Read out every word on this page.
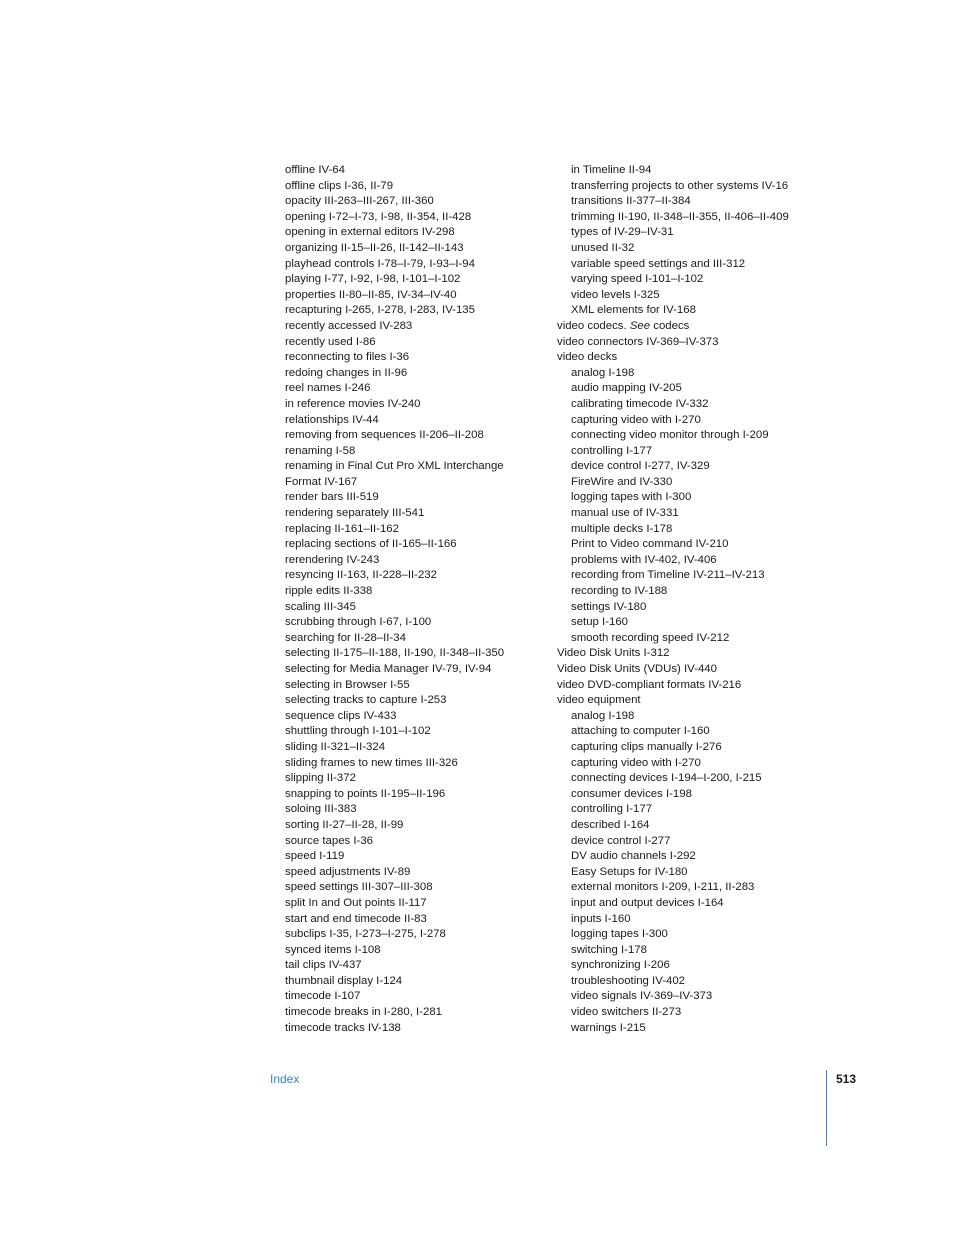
offline IV-64
offline clips I-36, II-79
opacity III-263–III-267, III-360
opening I-72–I-73, I-98, II-354, II-428
opening in external editors IV-298
organizing II-15–II-26, II-142–II-143
playhead controls I-78–I-79, I-93–I-94
playing I-77, I-92, I-98, I-101–I-102
properties II-80–II-85, IV-34–IV-40
recapturing I-265, I-278, I-283, IV-135
recently accessed IV-283
recently used I-86
reconnecting to files I-36
redoing changes in II-96
reel names I-246
in reference movies IV-240
relationships IV-44
removing from sequences II-206–II-208
renaming I-58
renaming in Final Cut Pro XML Interchange
Format IV-167
render bars III-519
rendering separately III-541
replacing II-161–II-162
replacing sections of II-165–II-166
rerendering IV-243
resyncing II-163, II-228–II-232
ripple edits II-338
scaling III-345
scrubbing through I-67, I-100
searching for II-28–II-34
selecting II-175–II-188, II-190, II-348–II-350
selecting for Media Manager IV-79, IV-94
selecting in Browser I-55
selecting tracks to capture I-253
sequence clips IV-433
shuttling through I-101–I-102
sliding II-321–II-324
sliding frames to new times III-326
slipping II-372
snapping to points II-195–II-196
soloing III-383
sorting II-27–II-28, II-99
source tapes I-36
speed I-119
speed adjustments IV-89
speed settings III-307–III-308
split In and Out points II-117
start and end timecode II-83
subclips I-35, I-273–I-275, I-278
synced items I-108
tail clips IV-437
thumbnail display I-124
timecode I-107
timecode breaks in I-280, I-281
timecode tracks IV-138
in Timeline II-94
transferring projects to other systems IV-16
transitions II-377–II-384
trimming II-190, II-348–II-355, II-406–II-409
types of IV-29–IV-31
unused II-32
variable speed settings and III-312
varying speed I-101–I-102
video levels I-325
XML elements for IV-168
video codecs. See codecs
video connectors IV-369–IV-373
video decks
analog I-198
audio mapping IV-205
calibrating timecode IV-332
capturing video with I-270
connecting video monitor through I-209
controlling I-177
device control I-277, IV-329
FireWire and IV-330
logging tapes with I-300
manual use of IV-331
multiple decks I-178
Print to Video command IV-210
problems with IV-402, IV-406
recording from Timeline IV-211–IV-213
recording to IV-188
settings IV-180
setup I-160
smooth recording speed IV-212
Video Disk Units I-312
Video Disk Units (VDUs) IV-440
video DVD-compliant formats IV-216
video equipment
analog I-198
attaching to computer I-160
capturing clips manually I-276
capturing video with I-270
connecting devices I-194–I-200, I-215
consumer devices I-198
controlling I-177
described I-164
device control I-277
DV audio channels I-292
Easy Setups for IV-180
external monitors I-209, I-211, II-283
input and output devices I-164
inputs I-160
logging tapes I-300
switching I-178
synchronizing I-206
troubleshooting IV-402
video signals IV-369–IV-373
video switchers II-273
warnings I-215
Index	513
